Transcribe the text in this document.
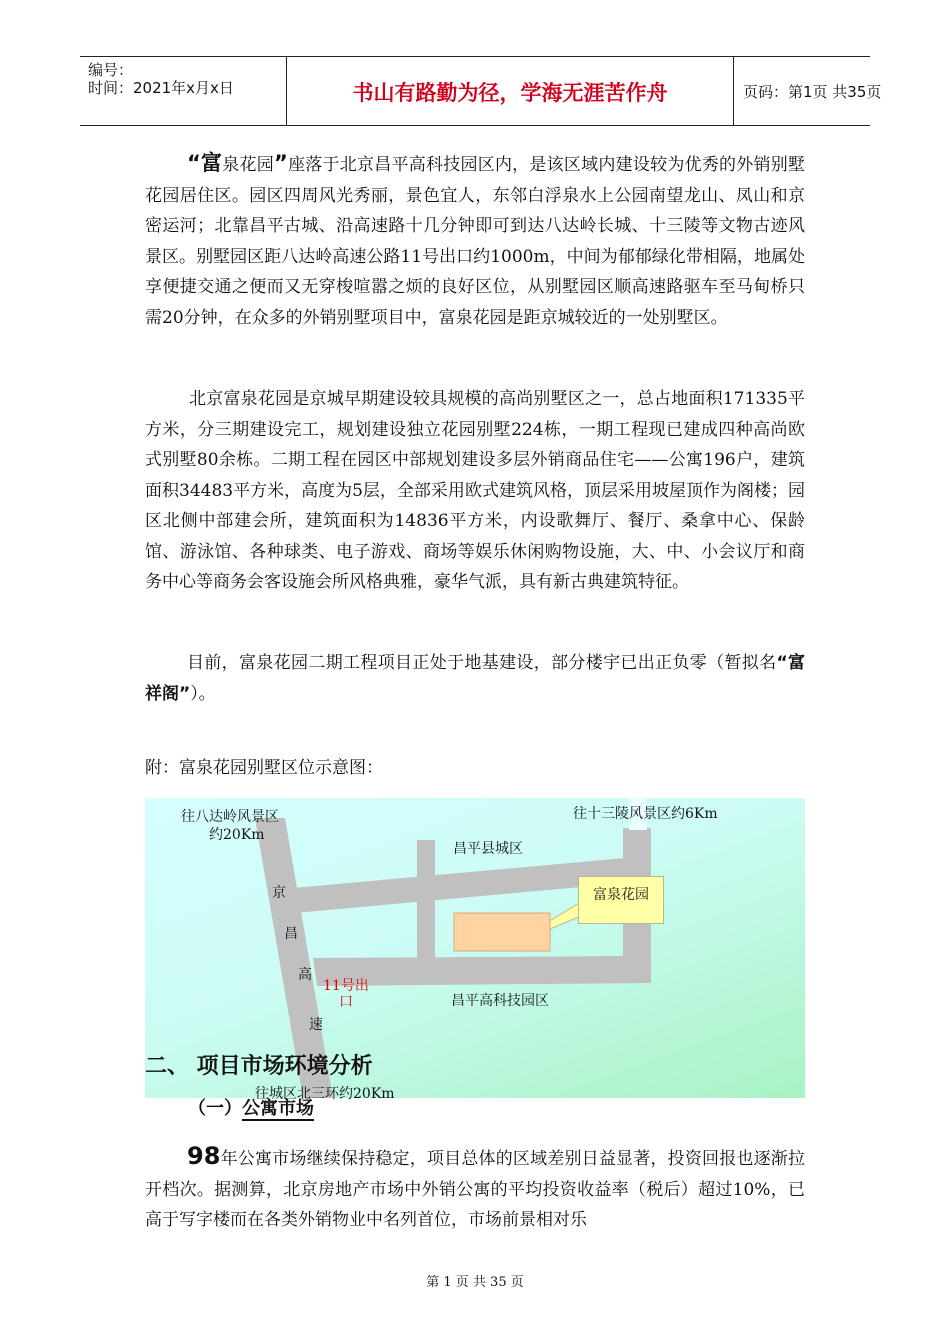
编号：
时间：2021年x月x日	书山有路勤为径，学海无涯苦作舟	页码：第1页 共35页

“富泉花园”座落于北京昌平高科技园区内，是该区域内建设较为优秀的外销别墅花园居住区。园区四周风光秀丽，景色宜人，东邻白浮泉水上公园南望龙山、凤山和京密运河；北靠昌平古城、沿高速路十几分钟即可到达八达岭长城、十三陵等文物古迹风景区。别墅园区距八达岭高速公路11号出口约1000m，中间为郁郁绿化带相隔，地属处享便捷交通之便而又无穿梭喧嚣之烦的良好区位，从别墅园区顺高速路驱车至马甸桥只需20分钟，在众多的外销别墅项目中，富泉花园是距京城较近的一处别墅区。

北京富泉花园是京城早期建设较具规模的高尚别墅区之一，总占地面积171335平方米，分三期建设完工，规划建设独立花园别墅224栋，一期工程现已建成四种高尚欧式别墅80余栋。二期工程在园区中部规划建设多层外销商品住宅——公寓196户，建筑面积34483平方米，高度为5层，全部采用欧式建筑风格，顶层采用坡屋顶作为阁楼；园区北侧中部建会所，建筑面积为14836平方米，内设歌舞厅、餐厅、桑拿中心、保龄馆、游泳馆、各种球类、电子游戏、商场等娱乐休闲购物设施，大、中、小会议厅和商务中心等商务会客设施会所风格典雅，豪华气派，具有新古典建筑特征。

目前，富泉花园二期工程项目正处于地基建设，部分楼宇已出正负零（暂拟名“富祥阁”）。

附：富泉花园别墅区位示意图：

往八达岭风景区
约20Km
往十三陵风景区约6Km
昌平县城区
富泉花园
京
昌
高
速
11号出
口	昌平高科技园区
往城区北三环约20Km
二、 项目市场环境分析
（一）公寓市场

98年公寓市场继续保持稳定，项目总体的区域差别日益显著，投资回报也逐渐拉开档次。据测算，北京房地产市场中外销公寓的平均投资收益率（税后）超过10%，已高于写字楼而在各类外销物业中名列首位，市场前景相对乐

第 1 页 共 35 页
